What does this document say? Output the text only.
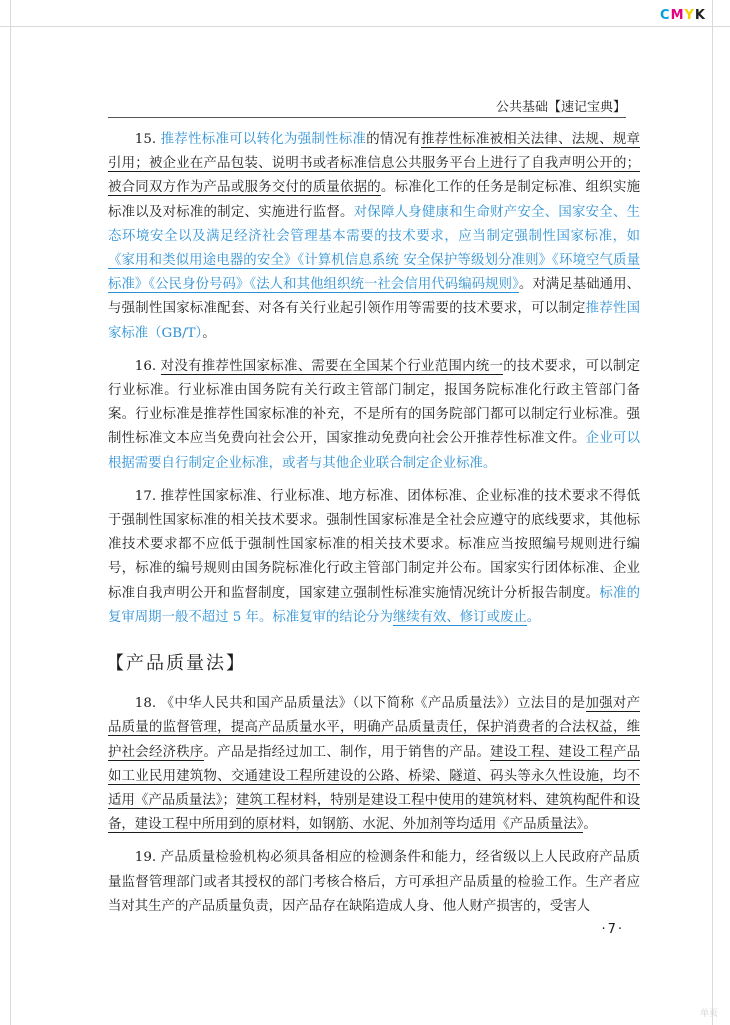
CMYK
公共基础【速记宝典】

15. 推荐性标准可以转化为强制性标准的情况有推荐性标准被相关法律、法规、规章引用；被企业在产品包装、说明书或者标准信息公共服务平台上进行了自我声明公开的；被合同双方作为产品或服务交付的质量依据的。标准化工作的任务是制定标准、组织实施标准以及对标准的制定、实施进行监督。对保障人身健康和生命财产安全、国家安全、生态环境安全以及满足经济社会管理基本需要的技术要求，应当制定强制性国家标准，如《家用和类似用途电器的安全》《计算机信息系统 安全保护等级划分准则》《环境空气质量标准》《公民身份号码》《法人和其他组织统一社会信用代码编码规则》。对满足基础通用、与强制性国家标准配套、对各有关行业起引领作用等需要的技术要求，可以制定推荐性国家标准（GB/T）。

16. 对没有推荐性国家标准、需要在全国某个行业范围内统一的技术要求，可以制定行业标准。行业标准由国务院有关行政主管部门制定，报国务院标准化行政主管部门备案。行业标准是推荐性国家标准的补充，不是所有的国务院部门都可以制定行业标准。强制性标准文本应当免费向社会公开，国家推动免费向社会公开推荐性标准文件。企业可以根据需要自行制定企业标准，或者与其他企业联合制定企业标准。

17. 推荐性国家标准、行业标准、地方标准、团体标准、企业标准的技术要求不得低于强制性国家标准的相关技术要求。强制性国家标准是全社会应遵守的底线要求，其他标准技术要求都不应低于强制性国家标准的相关技术要求。标准应当按照编号规则进行编号，标准的编号规则由国务院标准化行政主管部门制定并公布。国家实行团体标准、企业标准自我声明公开和监督制度，国家建立强制性标准实施情况统计分析报告制度。标准的复审周期一般不超过 5 年。标准复审的结论分为继续有效、修订或废止。

【产品质量法】

18. 《中华人民共和国产品质量法》（以下简称《产品质量法》）立法目的是加强对产品质量的监督管理，提高产品质量水平，明确产品质量责任，保护消费者的合法权益，维护社会经济秩序。产品是指经过加工、制作，用于销售的产品。建设工程、建设工程产品如工业民用建筑物、交通建设工程所建设的公路、桥梁、隧道、码头等永久性设施，均不适用《产品质量法》；建筑工程材料，特别是建设工程中使用的建筑材料、建筑构配件和设备，建设工程中所用到的原材料，如钢筋、水泥、外加剂等均适用《产品质量法》。

19. 产品质量检验机构必须具备相应的检测条件和能力，经省级以上人民政府产品质量监督管理部门或者其授权的部门考核合格后，方可承担产品质量的检验工作。生产者应当对其生产的产品质量负责，因产品存在缺陷造成人身、他人财产损害的，受害人

· 7 ·
单页
